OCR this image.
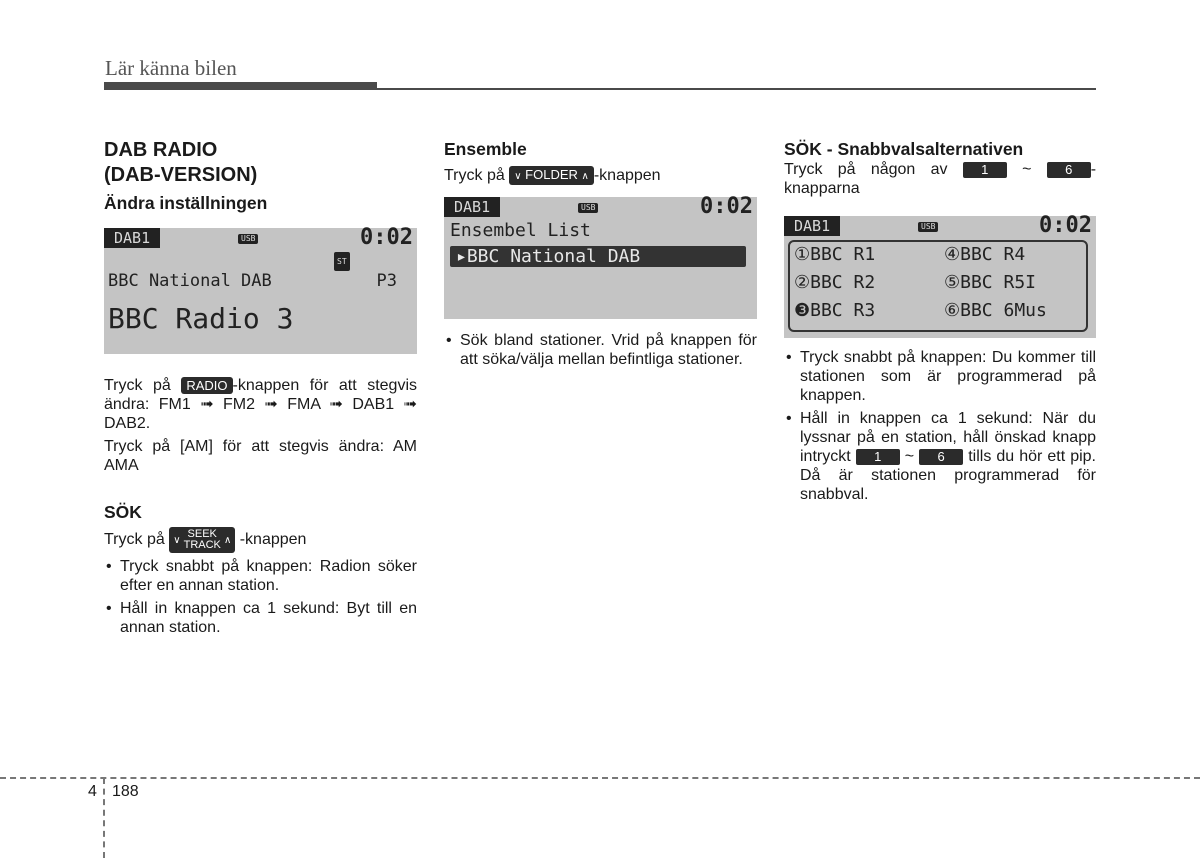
Lär känna bilen
DAB RADIO
(DAB-VERSION)
Ändra inställningen
DAB1	USB	0:02
ST
BBC National DAB	P3
BBC Radio 3

Tryck på RADIO -knappen för att stegvis ändra: FM1 ➟ FM2 ➟ FMA ➟ DAB1 ➟ DAB2.

Tryck på [AM] för att stegvis ändra: AM AMA

SÖK

Tryck på ∨ SEEK
TRACK ∧ -knappen

• Tryck snabbt på knappen: Radion söker efter en annan station.
• Håll in knappen ca 1 sekund: Byt till en annan station.
Ensemble

Tryck på ∨ FOLDER ∧ -knappen

DAB1	USB	0:02
Ensembel List
▸BBC National DAB
• Sök bland stationer. Vrid på knappen för att söka/välja mellan befintliga stationer.
SÖK - Snabbvalsalternativen

Tryck på någon av	1 ~	6 -knapparna

DAB1	USB	0:02
①BBC R1	④BBC R4
②BBC R2	⑤BBC R5I
❸BBC R3	⑥BBC 6Mus
• Tryck snabbt på knappen: Du kommer till stationen som är programmerad på knappen.
• Håll in knappen ca 1 sekund: När du lyssnar på en station, håll önskad knapp intryckt 1 ~ 6 tills du hör ett pip. Då är stationen programmerad för snabbval.
4 188
